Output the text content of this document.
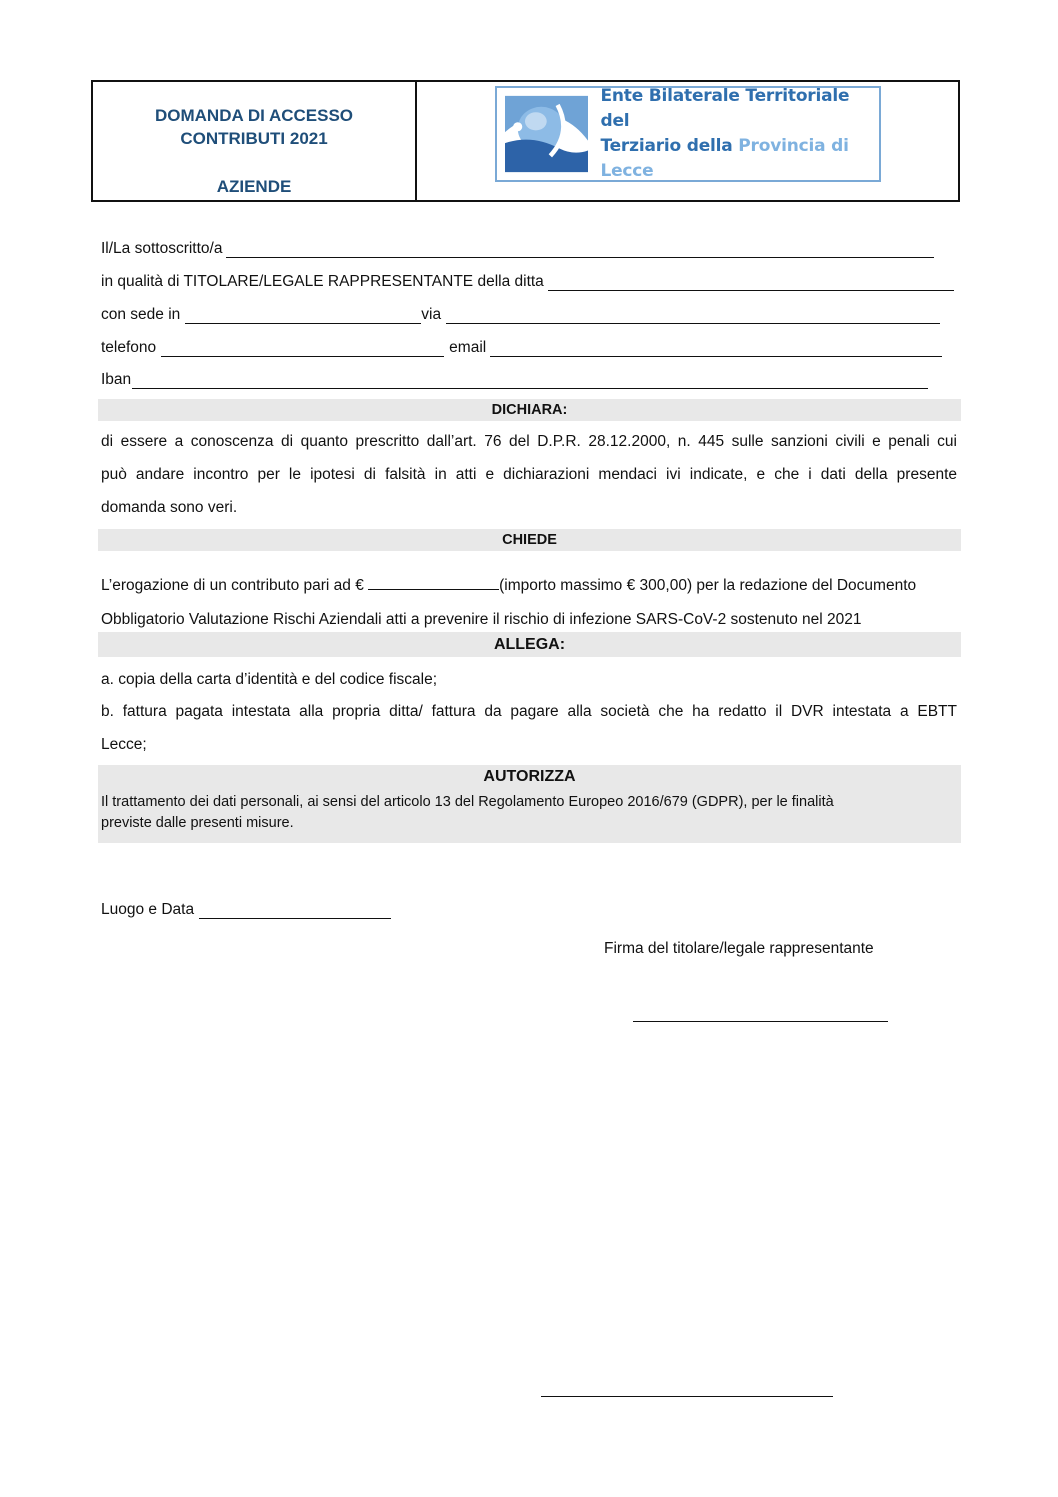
DOMANDA DI ACCESSO
CONTRIBUTI 2021
AZIENDE
Ente Bilaterale Territoriale del
Terziario della Provincia di Lecce
Il/La sottoscritto/a
in qualità di TITOLARE/LEGALE RAPPRESENTANTE della ditta
con sede in	via
telefono	email
Iban
DICHIARA:
di essere a conoscenza di quanto prescritto dall’art. 76 del D.P.R. 28.12.2000, n. 445 sulle sanzioni civili e penali cui
può andare incontro per le ipotesi di falsità in atti e dichiarazioni mendaci ivi indicate, e che i dati della presente
domanda sono veri.
CHIEDE
L’erogazione di un contributo pari ad €	(importo massimo € 300,00) per la redazione del Documento
Obbligatorio Valutazione Rischi Aziendali atti a prevenire il rischio di infezione SARS-CoV-2 sostenuto nel 2021
ALLEGA:
a. copia della carta d’identità e del codice fiscale;
b. fattura pagata intestata alla propria ditta/ fattura da pagare alla società che ha redatto il DVR intestata a EBTT
Lecce;
AUTORIZZA
Il trattamento dei dati personali, ai sensi del articolo 13 del Regolamento Europeo 2016/679 (GDPR), per le finalità
previste dalle presenti misure.
Luogo e Data
Firma del titolare/legale rappresentante
